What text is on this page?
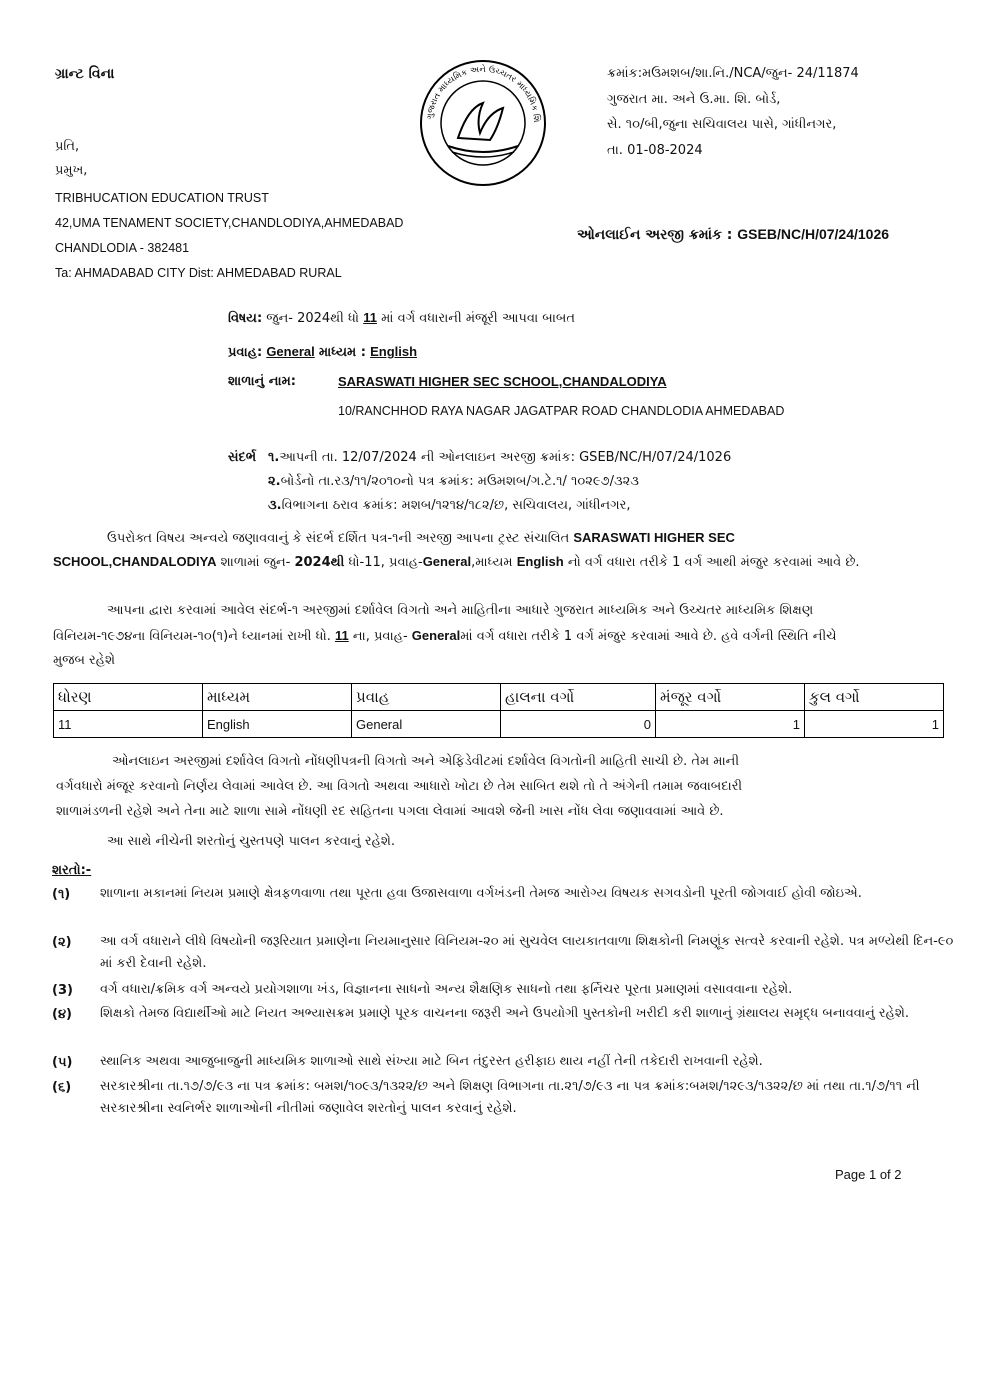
ગ્રાન્ટ વિના
ગુજરાત માધ્યમિક અને ઉચ્ચતર માધ્યમિક શિ
ક્રમાંક:મઉમશબ/શા.નિ./NCA/જુન- 24/11874
ગુજરાત મા. અને ઉ.મા. શિ. બોર્ડ,
સે. ૧૦/બી,જુના સચિવાલય પાસે, ગાંધીનગર,
તા. 01-08-2024
પ્રતિ,
પ્રમુખ,
TRIBHUCATION EDUCATION TRUST
42,UMA TENAMENT SOCIETY,CHANDLODIYA,AHMEDABAD
CHANDLODIA - 382481
Ta: AHMADABAD CITY Dist: AHMEDABAD RURAL
ઓનલાઈન અરજી ક્રમાંક : GSEB/NC/H/07/24/1026
વિષય: જુન- 2024થી ધો 11 માં વર્ગ વધારાની મંજૂરી આપવા બાબત
પ્રવાહ: General માધ્યમ : English
શાળાનું નામ:	SARASWATI HIGHER SEC SCHOOL,CHANDALODIYA
10/RANCHHOD RAYA NAGAR JAGATPAR ROAD CHANDLODIA AHMEDABAD
સંદર્ભ ૧.આપની તા. 12/07/2024 ની ઓનલાઇન અરજી ક્રમાંક: GSEB/NC/H/07/24/1026
૨.બોર્ડનો તા.ર૩/૧૧/૨૦૧૦નો પત્ર ક્રમાંક: મઉમશબ/ગ.ટે.૧/ ૧૦૨૯૭/૩૨૩
૩.વિભાગના ઠરાવ ક્રમાંક: મશબ/૧૨૧૪/૧૮૨/છ, સચિવાલય, ગાંધીનગર,
ઉપરોક્ત વિષય અન્વયે જણાવવાનું કે સંદર્ભ દર્શિત પત્ર-૧ની અરજી આપના ટ્રસ્ટ સંચાલિત SARASWATI HIGHER SEC
SCHOOL,CHANDALODIYA શાળામાં જુન- 2024થી ધો-11, પ્રવાહ-General,માધ્યમ English નો વર્ગ વધારા તરીકે 1 વર્ગ આથી મંજુર કરવામાં આવે છે.
આપના દ્વારા કરવામાં આવેલ સંદર્ભ-૧ અરજીમાં દર્શાવેલ વિગતો અને માહિતીના આધારે ગુજરાત માધ્યમિક અને ઉચ્ચતર માધ્યમિક શિક્ષણ
વિનિયમ-૧૯૭૪ના વિનિયમ-૧૦(૧)ને ધ્યાનમાં રાખી ધો. 11 ના, પ્રવાહ- Generalમાં વર્ગ વધારા તરીકે 1 વર્ગ મંજુર કરવામાં આવે છે. હવે વર્ગની સ્થિતિ નીચે
મુજબ રહેશે
ધોરણ	માધ્યમ	પ્રવાહ	હાલના વર્ગો	મંજૂર વર્ગો	કુલ વર્ગો
11	English	General	0	1	1
ઓનલાઇન અરજીમાં દર્શાવેલ વિગતો નોંધણીપત્રની વિગતો અને એફિડેવીટમાં દર્શાવેલ વિગતોની માહિતી સાચી છે. તેમ માની
વર્ગવધારો મંજૂર કરવાનો નિર્ણય લેવામાં આવેલ છે. આ વિગતો અથવા આધારો ખોટા છે તેમ સાબિત થશે તો તે અંગેની તમામ જવાબદારી
શાળામંડળની રહેશે અને તેના માટે શાળા સામે નોંધણી રદ સહિતના પગલા લેવામાં આવશે જેની ખાસ નોંધ લેવા જણાવવામાં આવે છે.
આ સાથે નીચેની શરતોનું ચુસ્તપણે પાલન કરવાનું રહેશે.
શરતો:-
(૧) શાળાના મકાનમાં નિયમ પ્રમાણે ક્ષેત્રફળવાળા તથા પૂરતા હવા ઉજાસવાળા વર્ગખંડની તેમજ આરોગ્ય વિષયક સગવડોની પૂરતી જોગવાઈ હોવી જોઇએ.
(૨) આ વર્ગ વધારાને લીધે વિષયોની જરૂરિયાત પ્રમાણેના નિયમાનુસાર વિનિયમ-૨૦ માં સુચવેલ લાયકાતવાળા શિક્ષકોની નિમણૂંક સત્વરે કરવાની રહેશે. પત્ર મળ્યેથી દિન-૯૦ માં કરી દેવાની રહેશે.
(3) વર્ગ વધારા/ક્રમિક વર્ગ અન્વયે પ્રયોગશાળા ખંડ, વિજ્ઞાનના સાધનો અન્ય શૈક્ષણિક સાધનો તથા ફર્નિચર પૂરતા પ્રમાણમાં વસાવવાના રહેશે.
(૪) શિક્ષકો તેમજ વિદ્યાર્થીઓ માટે નિયત અભ્યાસક્રમ પ્રમાણે પૂરક વાચનના જરૂરી અને ઉપયોગી પુસ્તકોની ખરીદી કરી શાળાનું ગ્રંથાલય સમૃદ્ધ બનાવવાનું રહેશે.
(૫) સ્થાનિક અથવા આજુબાજુની માધ્યમિક શાળાઓ સાથે સંખ્યા માટે બિન તંદુરસ્ત હરીફાઇ થાય નહીં તેની તકેદારી રાખવાની રહેશે.
(૬) સરકારશ્રીના તા.૧૭/૭/૯૩ ના પત્ર ક્રમાંક: બમશ/૧૦૯૩/૧૩૨૨/છ અને શિક્ષણ વિભાગના તા.૨૧/૭/૯૩ ના પત્ર ક્રમાંક:બમશ/૧૨૯૩/૧૩૨૨/છ માં તથા તા.૧/૭/૧૧ ની સરકારશ્રીના સ્વનિર્ભર શાળાઓની નીતીમાં જણાવેલ શરતોનું પાલન કરવાનું રહેશે.
Page 1 of 2
